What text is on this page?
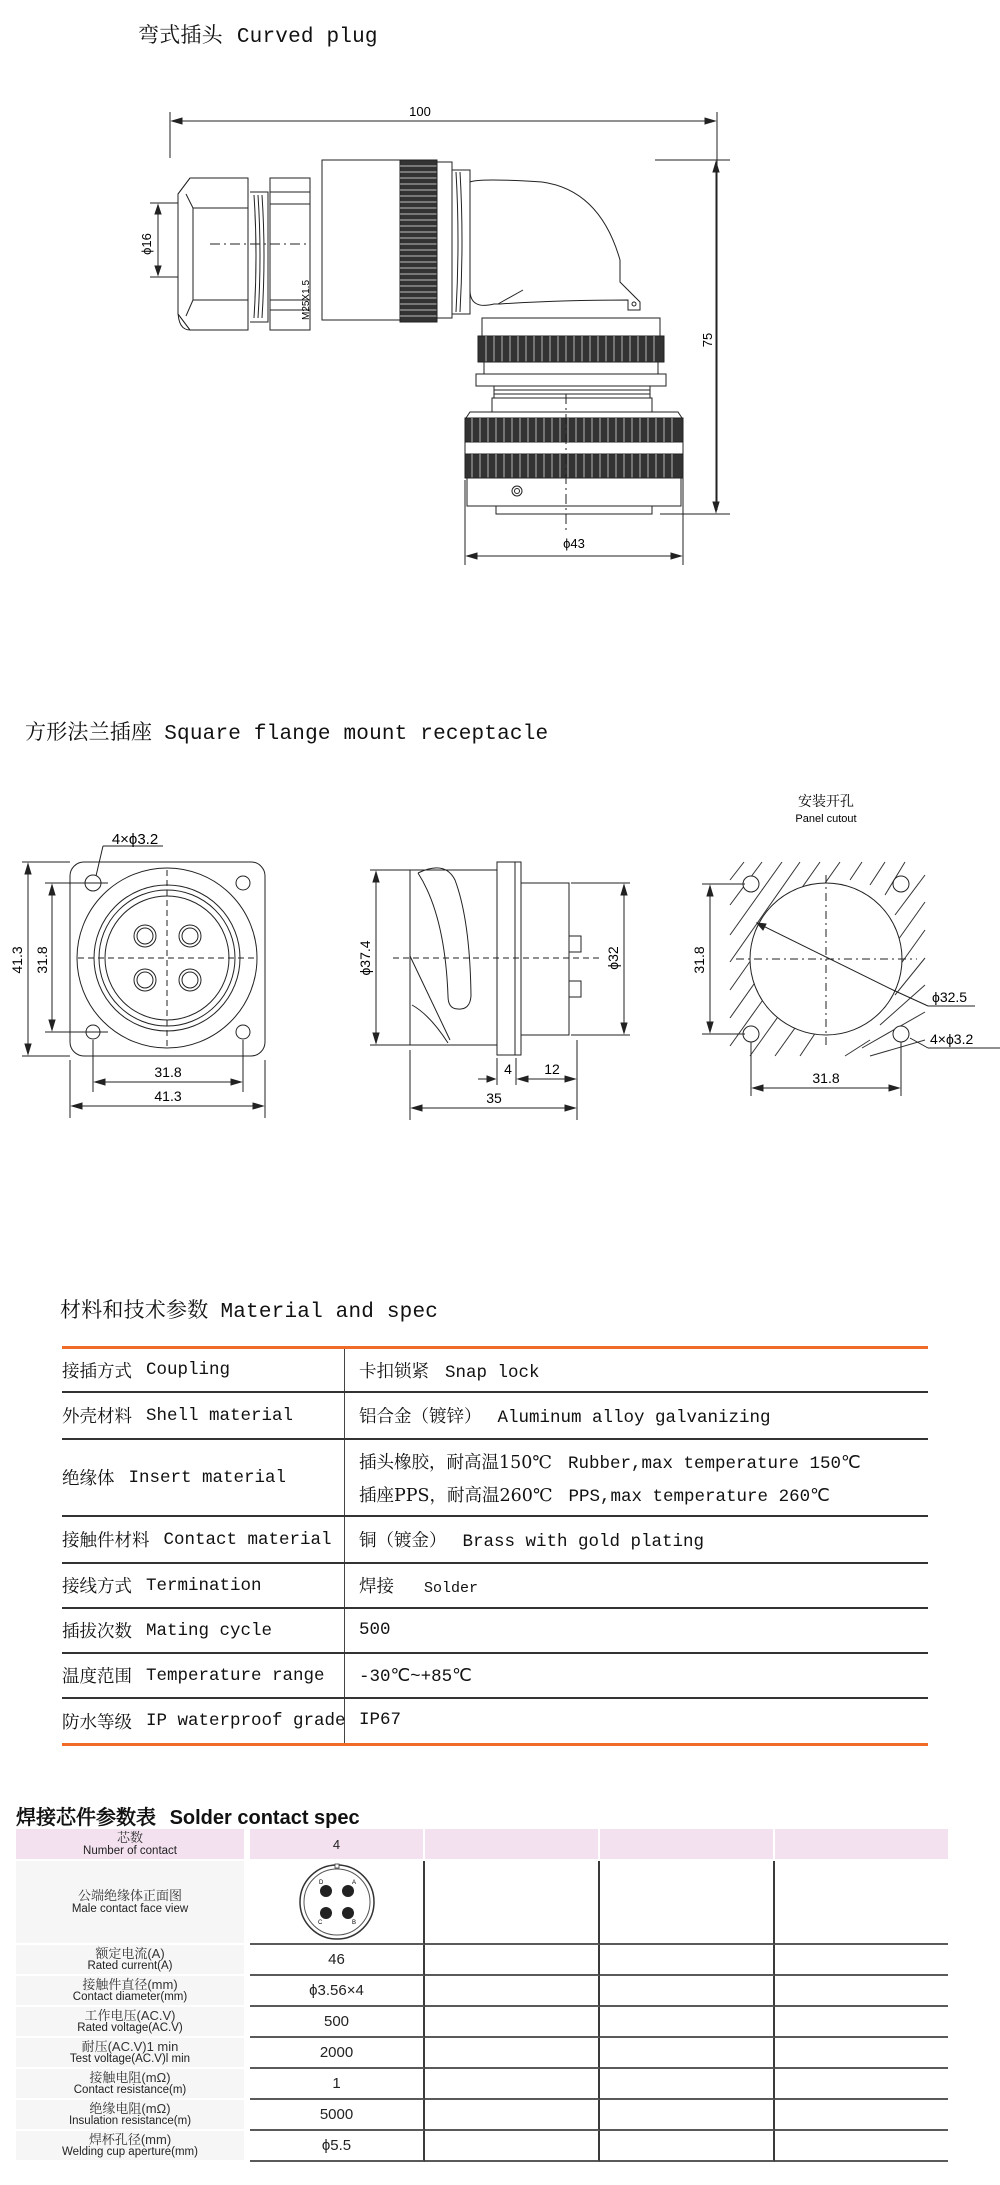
弯式插头 Curved plug
100
ϕ16
75
ϕ43
M25X1.5
方形法兰插座 Square flange mount receptacle
4×ϕ3.2
41.3 31.8
31.8
41.3
ϕ37.4	ϕ32
4 12
35
安装开孔
Panel cutout
31.8
31.8
ϕ32.5
4×ϕ3.2
材料和技术参数 Material and spec
接插方式 Coupling	卡扣锁紧 Snap lock
外壳材料 Shell material	铝合金（镀锌） Aluminum alloy galvanizing
绝缘体 Insert material
插头橡胶，耐高温150℃ Rubber,max temperature 150℃
插座PPS，耐高温260℃ PPS,max temperature 260℃
接触件材料 Contact material 铜（镀金） Brass with gold plating
接线方式 Termination	焊接 Solder
插拔次数 Mating cycle	500
温度范围 Temperature range -30℃~+85℃
防水等级 IP waterproof grade IP67
焊接芯件参数表 Solder contact spec
芯数
Number of contact	4
公端绝缘体正面图
Male contact face view
D	A
C	B
额定电流(A)
Rated current(A)	46
接触件直径(mm)
Contact diameter(mm)	ϕ3.56×4
工作电压(AC.V)
Rated voltage(AC.V)	500
耐压(AC.V)1 min
Test voltage(AC.V)l min	2000
接触电阻(mΩ)
Contact resistance(m)	1
绝缘电阻(mΩ)
Insulation resistance(m)	5000
焊杯孔径(mm)
Welding cup aperture(mm)	ϕ5.5
